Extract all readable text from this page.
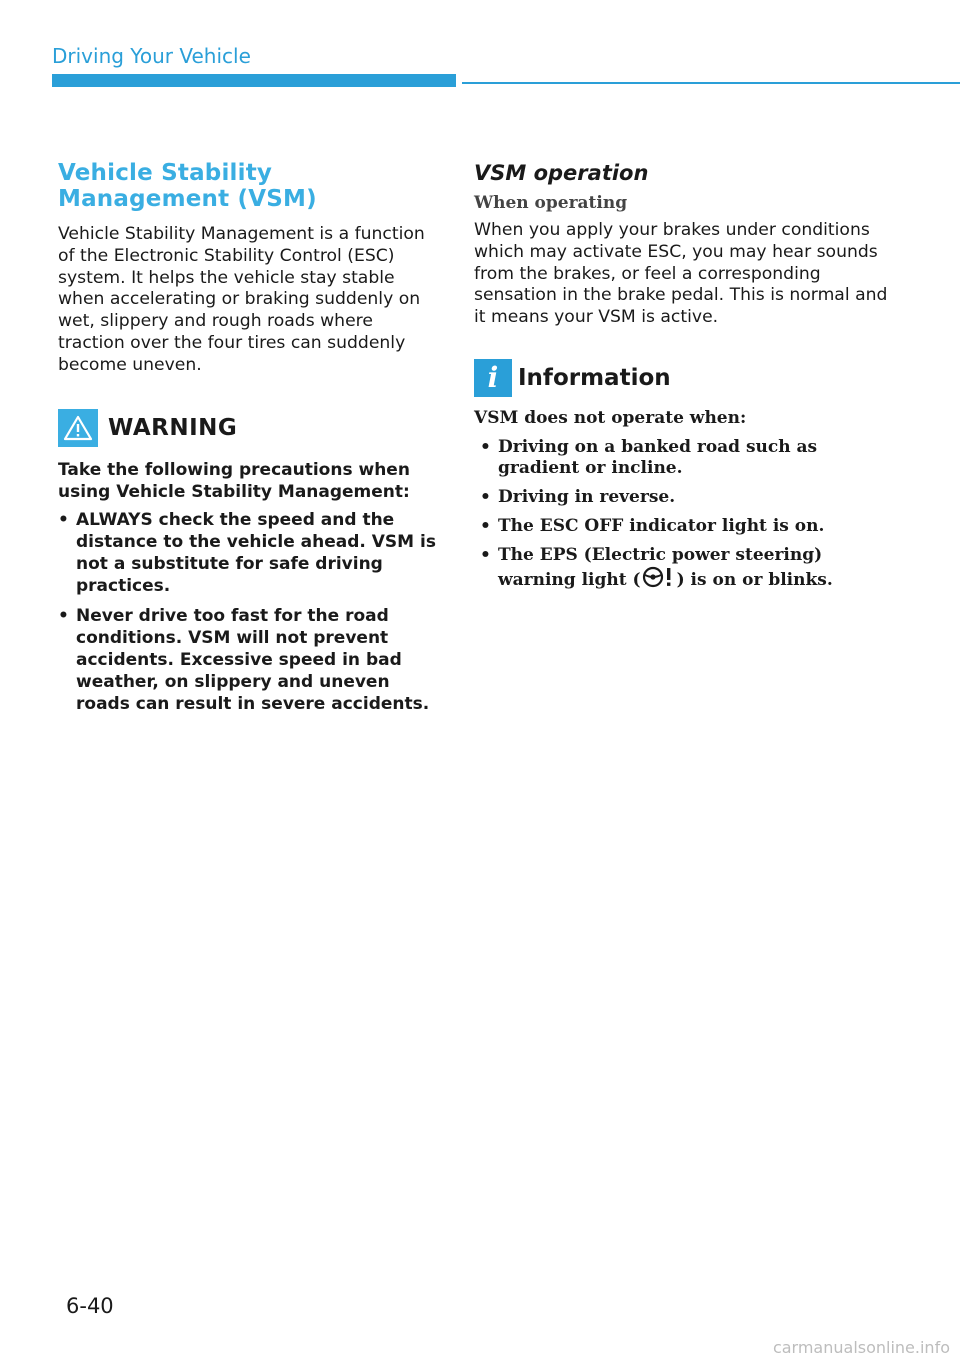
Driving Your Vehicle
Vehicle Stability Management (VSM)

Vehicle Stability Management is a function of the Electronic Stability Control (ESC) system. It helps the vehicle stay stable when accelerating or braking suddenly on wet, slippery and rough roads where traction over the four tires can suddenly become uneven.

WARNING

Take the following precautions when using Vehicle Stability Management:

• ALWAYS check the speed and the distance to the vehicle ahead. VSM is not a substitute for safe driving practices.
• Never drive too fast for the road conditions. VSM will not prevent accidents. Excessive speed in bad weather, on slippery and uneven roads can result in severe accidents.
VSM operation

When operating

When you apply your brakes under conditions which may activate ESC, you may hear sounds from the brakes, or feel a corresponding sensation in the brake pedal. This is normal and it means your VSM is active.

i Information

VSM does not operate when:

• Driving on a banked road such as gradient or incline.
• Driving in reverse.
• The ESC OFF indicator light is on.
• The EPS (Electric power steering) warning light ( ) is on or blinks.
6-40
carmanualsonline.info
